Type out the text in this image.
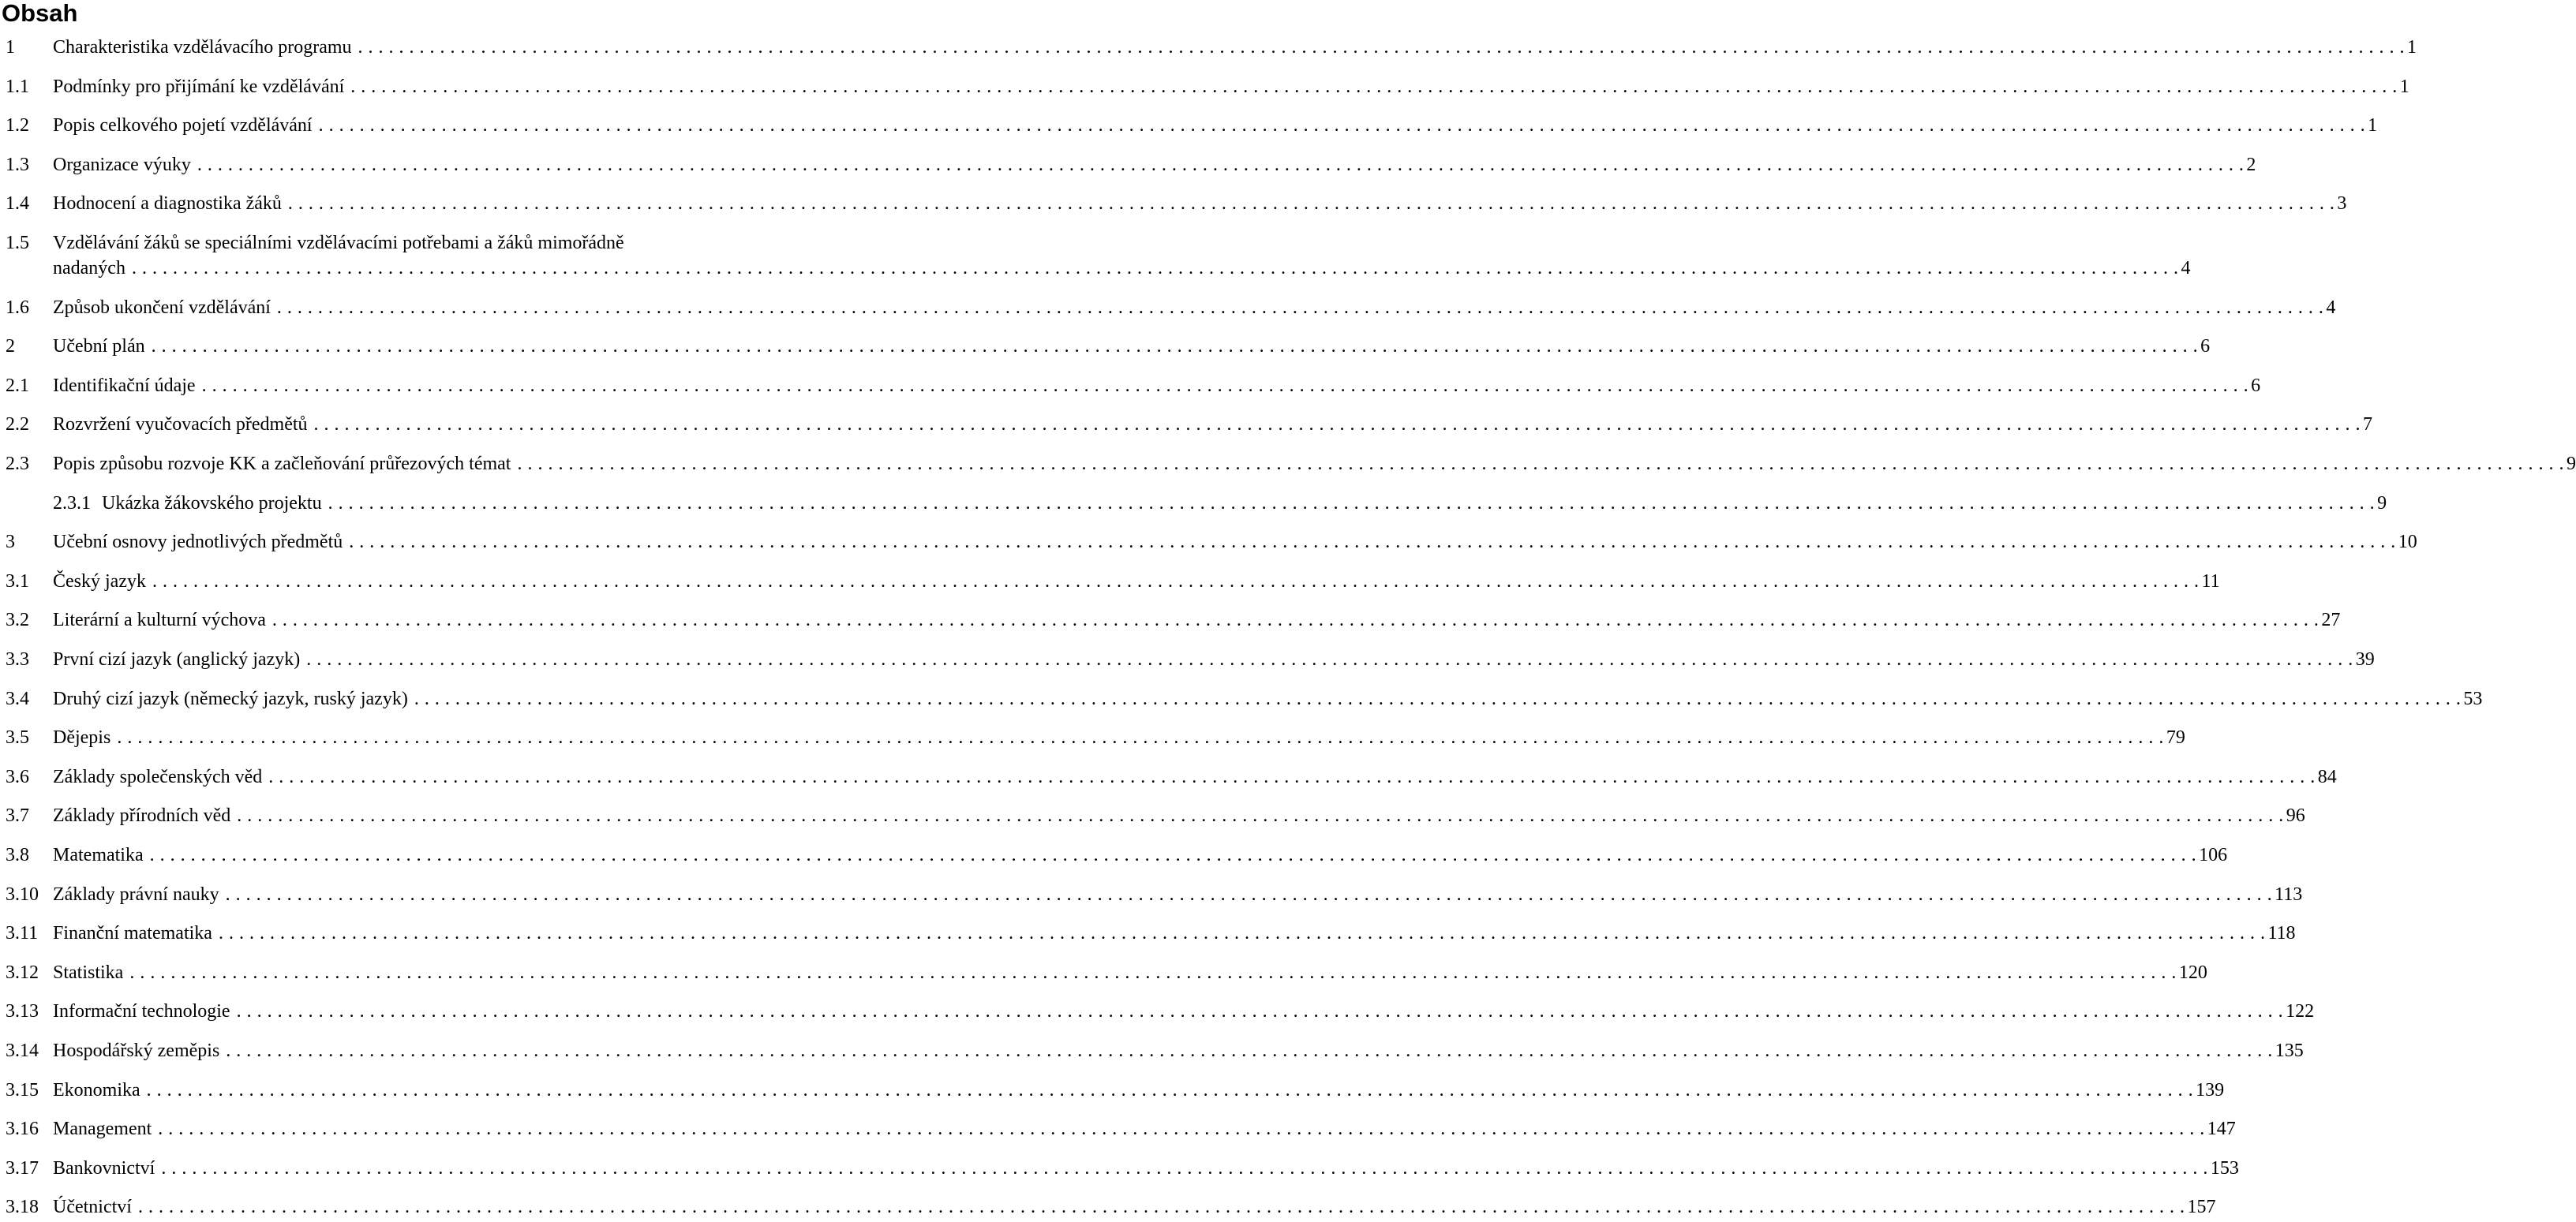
Obsah
1 Charakteristika vzdělávacího programu . . . . . . . . . . . . . . . . . . . . . . . . . . . . . . . . . . . . . . . . . . . . . . . . . . . . . . . . . . . . . . . . . . . . . . . . . . . . . . . . . . . . . . . . . . . . . . . . . . . . . . . . . . . . . . . . . . . . . . . . . . . . . . . . . . . . . . . . . . . . . . . . . . . . . . . . . . . . . . . . . . . . . . . . . . . . . . . . . . . . . . . . . . . . . . . . . . . . . . . . 1
1.1 Podmínky pro přijímání ke vzdělávání . . . . . . . . . . . . . . . . . . . . . . . . . . . . . . . . . . . . . . . . . . . . . . . . . . . . . . . . . . . . . . . . . . . . . . . . . . . . . . . . . . . . . . . . . . . . . . . . . . . . . . . . . . . . . . . . . . . . . . . . . . . . . . . . . . . . . . . . . . . . . . . . . . . . . . . . . . . . . . . . . . . . . . . . . . . . . . . . . . . . . . . . . . . . . . . . . . . . . . . . 1
1.2 Popis celkového pojetí vzdělávání . . . . . . . . . . . . . . . . . . . . . . . . . . . . . . . . . . . . . . . . . . . . . . . . . . . . . . . . . . . . . . . . . . . . . . . . . . . . . . . . . . . . . . . . . . . . . . . . . . . . . . . . . . . . . . . . . . . . . . . . . . . . . . . . . . . . . . . . . . . . . . . . . . . . . . . . . . . . . . . . . . . . . . . . . . . . . . . . . . . . . . . . . . . . . . . . . . . . . . . . 1
1.3 Organizace výuky . . . . . . . . . . . . . . . . . . . . . . . . . . . . . . . . . . . . . . . . . . . . . . . . . . . . . . . . . . . . . . . . . . . . . . . . . . . . . . . . . . . . . . . . . . . . . . . . . . . . . . . . . . . . . . . . . . . . . . . . . . . . . . . . . . . . . . . . . . . . . . . . . . . . . . . . . . . . . . . . . . . . . . . . . . . . . . . . . . . . . . . . . . . . . . . . . . . . . . . . 2
1.4 Hodnocení a diagnostika žáků . . . . . . . . . . . . . . . . . . . . . . . . . . . . . . . . . . . . . . . . . . . . . . . . . . . . . . . . . . . . . . . . . . . . . . . . . . . . . . . . . . . . . . . . . . . . . . . . . . . . . . . . . . . . . . . . . . . . . . . . . . . . . . . . . . . . . . . . . . . . . . . . . . . . . . . . . . . . . . . . . . . . . . . . . . . . . . . . . . . . . . . . . . . . . . . . . . . . . . . . 3
1.5 Vzdělávání žáků se speciálními vzdělávacími potřebami a žáků mimořádně
nadaných . . . . . . . . . . . . . . . . . . . . . . . . . . . . . . . . . . . . . . . . . . . . . . . . . . . . . . . . . . . . . . . . . . . . . . . . . . . . . . . . . . . . . . . . . . . . . . . . . . . . . . . . . . . . . . . . . . . . . . . . . . . . . . . . . . . . . . . . . . . . . . . . . . . . . . . . . . . . . . . . . . . . . . . . . . . . . . . . . . . . . . . . . . . . . . . . . . . . . . . . 4
1.6 Způsob ukončení vzdělávání . . . . . . . . . . . . . . . . . . . . . . . . . . . . . . . . . . . . . . . . . . . . . . . . . . . . . . . . . . . . . . . . . . . . . . . . . . . . . . . . . . . . . . . . . . . . . . . . . . . . . . . . . . . . . . . . . . . . . . . . . . . . . . . . . . . . . . . . . . . . . . . . . . . . . . . . . . . . . . . . . . . . . . . . . . . . . . . . . . . . . . . . . . . . . . . . . . . . . . . . 4
2 Učební plán . . . . . . . . . . . . . . . . . . . . . . . . . . . . . . . . . . . . . . . . . . . . . . . . . . . . . . . . . . . . . . . . . . . . . . . . . . . . . . . . . . . . . . . . . . . . . . . . . . . . . . . . . . . . . . . . . . . . . . . . . . . . . . . . . . . . . . . . . . . . . . . . . . . . . . . . . . . . . . . . . . . . . . . . . . . . . . . . . . . . . . . . . . . . . . . . . . . . . . . . 6
2.1 Identifikační údaje . . . . . . . . . . . . . . . . . . . . . . . . . . . . . . . . . . . . . . . . . . . . . . . . . . . . . . . . . . . . . . . . . . . . . . . . . . . . . . . . . . . . . . . . . . . . . . . . . . . . . . . . . . . . . . . . . . . . . . . . . . . . . . . . . . . . . . . . . . . . . . . . . . . . . . . . . . . . . . . . . . . . . . . . . . . . . . . . . . . . . . . . . . . . . . . . . . . . . . . . 6
2.2 Rozvržení vyučovacích předmětů . . . . . . . . . . . . . . . . . . . . . . . . . . . . . . . . . . . . . . . . . . . . . . . . . . . . . . . . . . . . . . . . . . . . . . . . . . . . . . . . . . . . . . . . . . . . . . . . . . . . . . . . . . . . . . . . . . . . . . . . . . . . . . . . . . . . . . . . . . . . . . . . . . . . . . . . . . . . . . . . . . . . . . . . . . . . . . . . . . . . . . . . . . . . . . . . . . . . . . . . 7
2.3 Popis způsobu rozvoje KK a začleňování průřezových témat . . . . . . . . . . . . . . . . . . . . . . . . . . . . . . . . . . . . . . . . . . . . . . . . . . . . . . . . . . . . . . . . . . . . . . . . . . . . . . . . . . . . . . . . . . . . . . . . . . . . . . . . . . . . . . . . . . . . . . . . . . . . . . . . . . . . . . . . . . . . . . . . . . . . . . . . . . . . . . . . . . . . . . . . . . . . . . . . . . . . . . . . . . . . . . . . . . . . . . . . 9
2.3.1 Ukázka žákovského projektu . . . . . . . . . . . . . . . . . . . . . . . . . . . . . . . . . . . . . . . . . . . . . . . . . . . . . . . . . . . . . . . . . . . . . . . . . . . . . . . . . . . . . . . . . . . . . . . . . . . . . . . . . . . . . . . . . . . . . . . . . . . . . . . . . . . . . . . . . . . . . . . . . . . . . . . . . . . . . . . . . . . . . . . . . . . . . . . . . . . . . . . . . . . . . . . . . . . . . . . . 9
3 Učební osnovy jednotlivých předmětů . . . . . . . . . . . . . . . . . . . . . . . . . . . . . . . . . . . . . . . . . . . . . . . . . . . . . . . . . . . . . . . . . . . . . . . . . . . . . . . . . . . . . . . . . . . . . . . . . . . . . . . . . . . . . . . . . . . . . . . . . . . . . . . . . . . . . . . . . . . . . . . . . . . . . . . . . . . . . . . . . . . . . . . . . . . . . . . . . . . . . . . . . . . . . . . . . . . . . . . . 10
3.1 Český jazyk . . . . . . . . . . . . . . . . . . . . . . . . . . . . . . . . . . . . . . . . . . . . . . . . . . . . . . . . . . . . . . . . . . . . . . . . . . . . . . . . . . . . . . . . . . . . . . . . . . . . . . . . . . . . . . . . . . . . . . . . . . . . . . . . . . . . . . . . . . . . . . . . . . . . . . . . . . . . . . . . . . . . . . . . . . . . . . . . . . . . . . . . . . . . . . . . . . . . . . . . 11
3.2 Literární a kulturní výchova . . . . . . . . . . . . . . . . . . . . . . . . . . . . . . . . . . . . . . . . . . . . . . . . . . . . . . . . . . . . . . . . . . . . . . . . . . . . . . . . . . . . . . . . . . . . . . . . . . . . . . . . . . . . . . . . . . . . . . . . . . . . . . . . . . . . . . . . . . . . . . . . . . . . . . . . . . . . . . . . . . . . . . . . . . . . . . . . . . . . . . . . . . . . . . . . . . . . . . . . 27
3.3 První cizí jazyk (anglický jazyk) . . . . . . . . . . . . . . . . . . . . . . . . . . . . . . . . . . . . . . . . . . . . . . . . . . . . . . . . . . . . . . . . . . . . . . . . . . . . . . . . . . . . . . . . . . . . . . . . . . . . . . . . . . . . . . . . . . . . . . . . . . . . . . . . . . . . . . . . . . . . . . . . . . . . . . . . . . . . . . . . . . . . . . . . . . . . . . . . . . . . . . . . . . . . . . . . . . . . . . . . 39
3.4 Druhý cizí jazyk (německý jazyk, ruský jazyk) . . . . . . . . . . . . . . . . . . . . . . . . . . . . . . . . . . . . . . . . . . . . . . . . . . . . . . . . . . . . . . . . . . . . . . . . . . . . . . . . . . . . . . . . . . . . . . . . . . . . . . . . . . . . . . . . . . . . . . . . . . . . . . . . . . . . . . . . . . . . . . . . . . . . . . . . . . . . . . . . . . . . . . . . . . . . . . . . . . . . . . . . . . . . . . . . . . . . . . . . 53
3.5 Dějepis . . . . . . . . . . . . . . . . . . . . . . . . . . . . . . . . . . . . . . . . . . . . . . . . . . . . . . . . . . . . . . . . . . . . . . . . . . . . . . . . . . . . . . . . . . . . . . . . . . . . . . . . . . . . . . . . . . . . . . . . . . . . . . . . . . . . . . . . . . . . . . . . . . . . . . . . . . . . . . . . . . . . . . . . . . . . . . . . . . . . . . . . . . . . . . . . . . . . . . . . 79
3.6 Základy společenských věd . . . . . . . . . . . . . . . . . . . . . . . . . . . . . . . . . . . . . . . . . . . . . . . . . . . . . . . . . . . . . . . . . . . . . . . . . . . . . . . . . . . . . . . . . . . . . . . . . . . . . . . . . . . . . . . . . . . . . . . . . . . . . . . . . . . . . . . . . . . . . . . . . . . . . . . . . . . . . . . . . . . . . . . . . . . . . . . . . . . . . . . . . . . . . . . . . . . . . . . . 84
3.7 Základy přírodních věd . . . . . . . . . . . . . . . . . . . . . . . . . . . . . . . . . . . . . . . . . . . . . . . . . . . . . . . . . . . . . . . . . . . . . . . . . . . . . . . . . . . . . . . . . . . . . . . . . . . . . . . . . . . . . . . . . . . . . . . . . . . . . . . . . . . . . . . . . . . . . . . . . . . . . . . . . . . . . . . . . . . . . . . . . . . . . . . . . . . . . . . . . . . . . . . . . . . . . . . . 96
3.8 Matematika . . . . . . . . . . . . . . . . . . . . . . . . . . . . . . . . . . . . . . . . . . . . . . . . . . . . . . . . . . . . . . . . . . . . . . . . . . . . . . . . . . . . . . . . . . . . . . . . . . . . . . . . . . . . . . . . . . . . . . . . . . . . . . . . . . . . . . . . . . . . . . . . . . . . . . . . . . . . . . . . . . . . . . . . . . . . . . . . . . . . . . . . . . . . . . . . . . . . . . . . 106
3.10 Základy právní nauky . . . . . . . . . . . . . . . . . . . . . . . . . . . . . . . . . . . . . . . . . . . . . . . . . . . . . . . . . . . . . . . . . . . . . . . . . . . . . . . . . . . . . . . . . . . . . . . . . . . . . . . . . . . . . . . . . . . . . . . . . . . . . . . . . . . . . . . . . . . . . . . . . . . . . . . . . . . . . . . . . . . . . . . . . . . . . . . . . . . . . . . . . . . . . . . . . . . . . . . . 113
3.11 Finanční matematika . . . . . . . . . . . . . . . . . . . . . . . . . . . . . . . . . . . . . . . . . . . . . . . . . . . . . . . . . . . . . . . . . . . . . . . . . . . . . . . . . . . . . . . . . . . . . . . . . . . . . . . . . . . . . . . . . . . . . . . . . . . . . . . . . . . . . . . . . . . . . . . . . . . . . . . . . . . . . . . . . . . . . . . . . . . . . . . . . . . . . . . . . . . . . . . . . . . . . . . . 118
3.12 Statistika . . . . . . . . . . . . . . . . . . . . . . . . . . . . . . . . . . . . . . . . . . . . . . . . . . . . . . . . . . . . . . . . . . . . . . . . . . . . . . . . . . . . . . . . . . . . . . . . . . . . . . . . . . . . . . . . . . . . . . . . . . . . . . . . . . . . . . . . . . . . . . . . . . . . . . . . . . . . . . . . . . . . . . . . . . . . . . . . . . . . . . . . . . . . . . . . . . . . . . . . 120
3.13 Informační technologie . . . . . . . . . . . . . . . . . . . . . . . . . . . . . . . . . . . . . . . . . . . . . . . . . . . . . . . . . . . . . . . . . . . . . . . . . . . . . . . . . . . . . . . . . . . . . . . . . . . . . . . . . . . . . . . . . . . . . . . . . . . . . . . . . . . . . . . . . . . . . . . . . . . . . . . . . . . . . . . . . . . . . . . . . . . . . . . . . . . . . . . . . . . . . . . . . . . . . . . . 122
3.14 Hospodářský zeměpis . . . . . . . . . . . . . . . . . . . . . . . . . . . . . . . . . . . . . . . . . . . . . . . . . . . . . . . . . . . . . . . . . . . . . . . . . . . . . . . . . . . . . . . . . . . . . . . . . . . . . . . . . . . . . . . . . . . . . . . . . . . . . . . . . . . . . . . . . . . . . . . . . . . . . . . . . . . . . . . . . . . . . . . . . . . . . . . . . . . . . . . . . . . . . . . . . . . . . . . . 135
3.15 Ekonomika . . . . . . . . . . . . . . . . . . . . . . . . . . . . . . . . . . . . . . . . . . . . . . . . . . . . . . . . . . . . . . . . . . . . . . . . . . . . . . . . . . . . . . . . . . . . . . . . . . . . . . . . . . . . . . . . . . . . . . . . . . . . . . . . . . . . . . . . . . . . . . . . . . . . . . . . . . . . . . . . . . . . . . . . . . . . . . . . . . . . . . . . . . . . . . . . . . . . . . . . 139
3.16 Management . . . . . . . . . . . . . . . . . . . . . . . . . . . . . . . . . . . . . . . . . . . . . . . . . . . . . . . . . . . . . . . . . . . . . . . . . . . . . . . . . . . . . . . . . . . . . . . . . . . . . . . . . . . . . . . . . . . . . . . . . . . . . . . . . . . . . . . . . . . . . . . . . . . . . . . . . . . . . . . . . . . . . . . . . . . . . . . . . . . . . . . . . . . . . . . . . . . . . . . . 147
3.17 Bankovnictví . . . . . . . . . . . . . . . . . . . . . . . . . . . . . . . . . . . . . . . . . . . . . . . . . . . . . . . . . . . . . . . . . . . . . . . . . . . . . . . . . . . . . . . . . . . . . . . . . . . . . . . . . . . . . . . . . . . . . . . . . . . . . . . . . . . . . . . . . . . . . . . . . . . . . . . . . . . . . . . . . . . . . . . . . . . . . . . . . . . . . . . . . . . . . . . . . . . . . . . . 153
3.18 Účetnictví . . . . . . . . . . . . . . . . . . . . . . . . . . . . . . . . . . . . . . . . . . . . . . . . . . . . . . . . . . . . . . . . . . . . . . . . . . . . . . . . . . . . . . . . . . . . . . . . . . . . . . . . . . . . . . . . . . . . . . . . . . . . . . . . . . . . . . . . . . . . . . . . . . . . . . . . . . . . . . . . . . . . . . . . . . . . . . . . . . . . . . . . . . . . . . . . . . . . . . . . 157
